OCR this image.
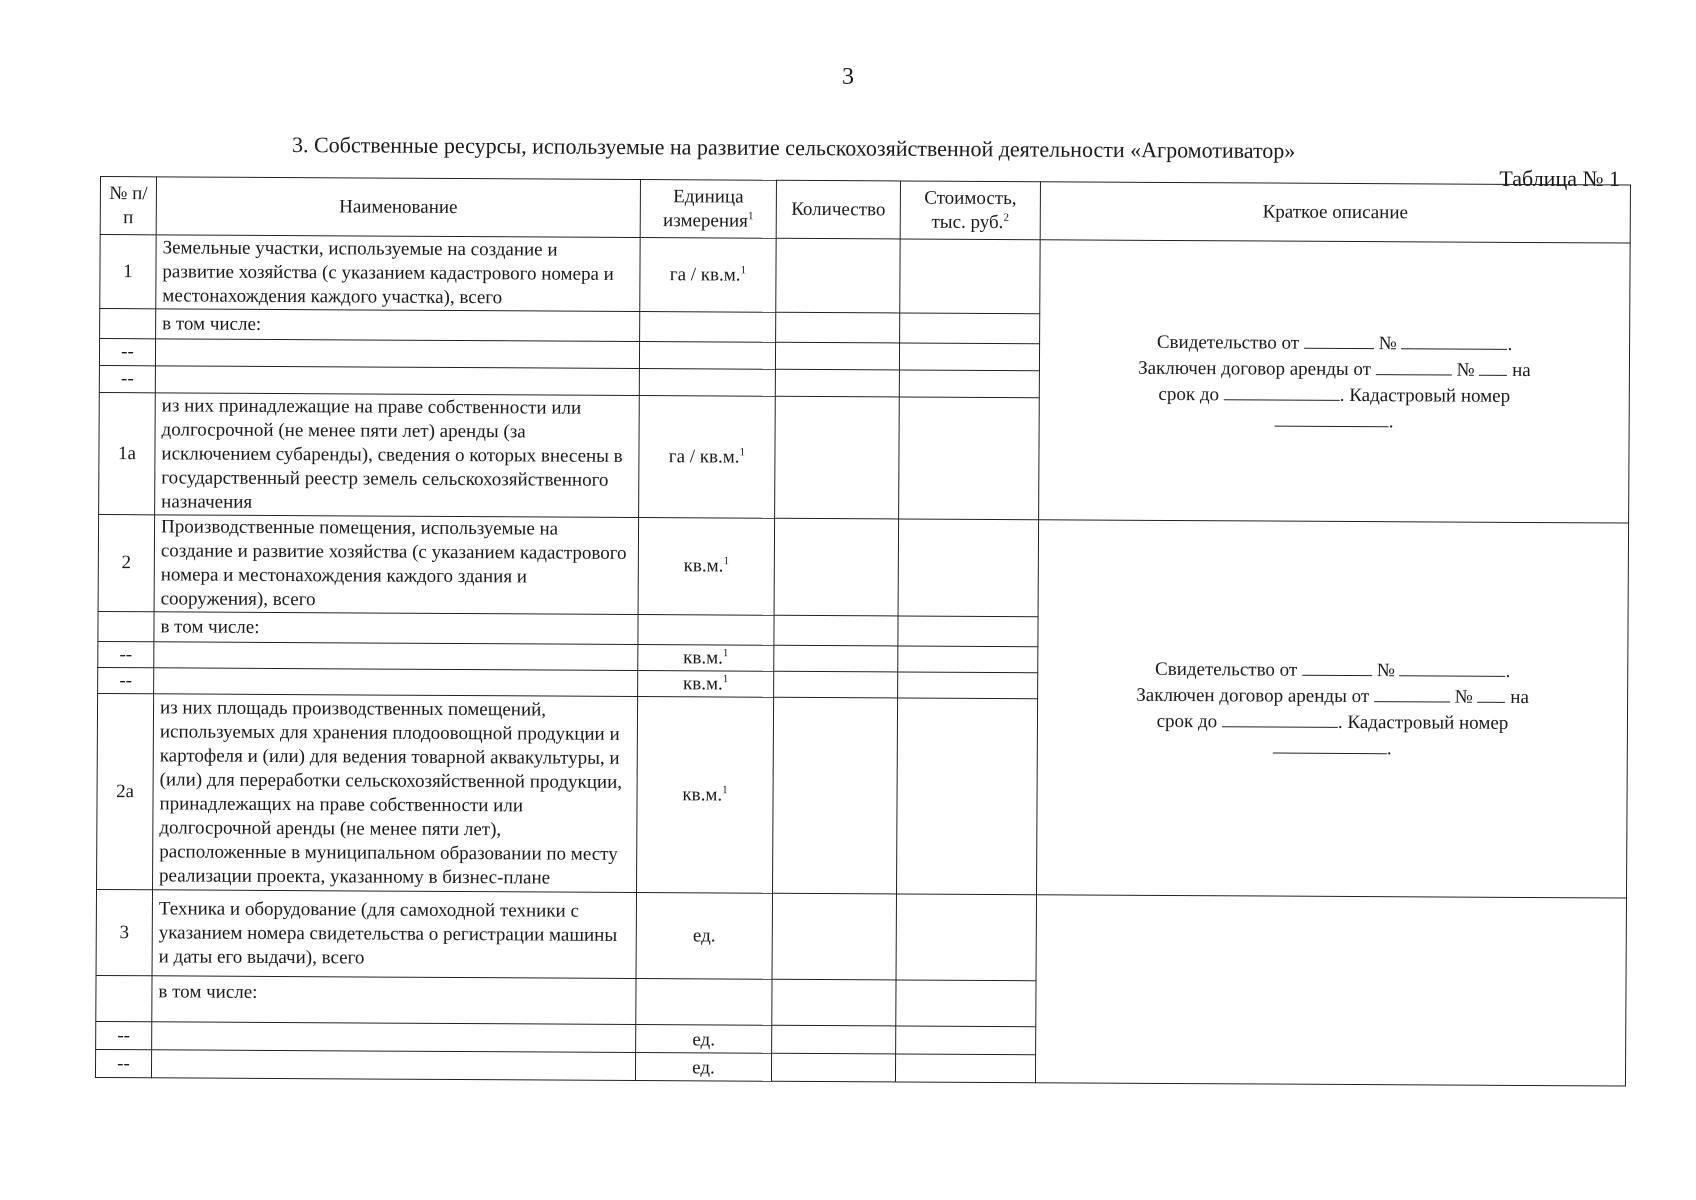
3
3. Собственные ресурсы, используемые на развитие сельскохозяйственной деятельности «Агромотиватор»
Таблица № 1
№ п/п	Наименование	Единица измерения$^1$	Количество	Стоимость, тыс. руб.$^2$	Краткое описание
1	Земельные участки, используемые на создание и развитие хозяйства (с указанием кадастрового номера и местонахождения каждого участка), всего	га / кв.м.$^1$			Свидетельство от № .
Заключен договор аренды от № на
срок до . Кадастровый номер
.

	в том числе:				
--					
--					
1а	из них принадлежащие на праве собственности или долгосрочной (не менее пяти лет) аренды (за исключением субаренды), сведения о которых внесены в государственный реестр земель сельскохозяйственного назначения	га / кв.м.$^1$		
2	Производственные помещения, используемые на создание и развитие хозяйства (с указанием кадастрового номера и местонахождения каждого здания и сооружения), всего	кв.м.$^1$			Свидетельство от № .
Заключен договор аренды от № на
срок до . Кадастровый номер
.

	в том числе:				
--		кв.м.$^1$		
--		кв.м.$^1$		
2а	из них площадь производственных помещений, используемых для хранения плодоовощной продукции и картофеля и (или) для ведения товарной аквакультуры, и (или) для переработки сельскохозяйственной продукции, принадлежащих на праве собственности или долгосрочной аренды (не менее пяти лет), расположенные в муниципальном образовании по месту реализации проекта, указанному в бизнес-плане	кв.м.$^1$		
3	Техника и оборудование (для самоходной техники с указанием номера свидетельства о регистрации машины и даты его выдачи), всего	ед.			
	в том числе:				
--		ед.			
--		ед.			
